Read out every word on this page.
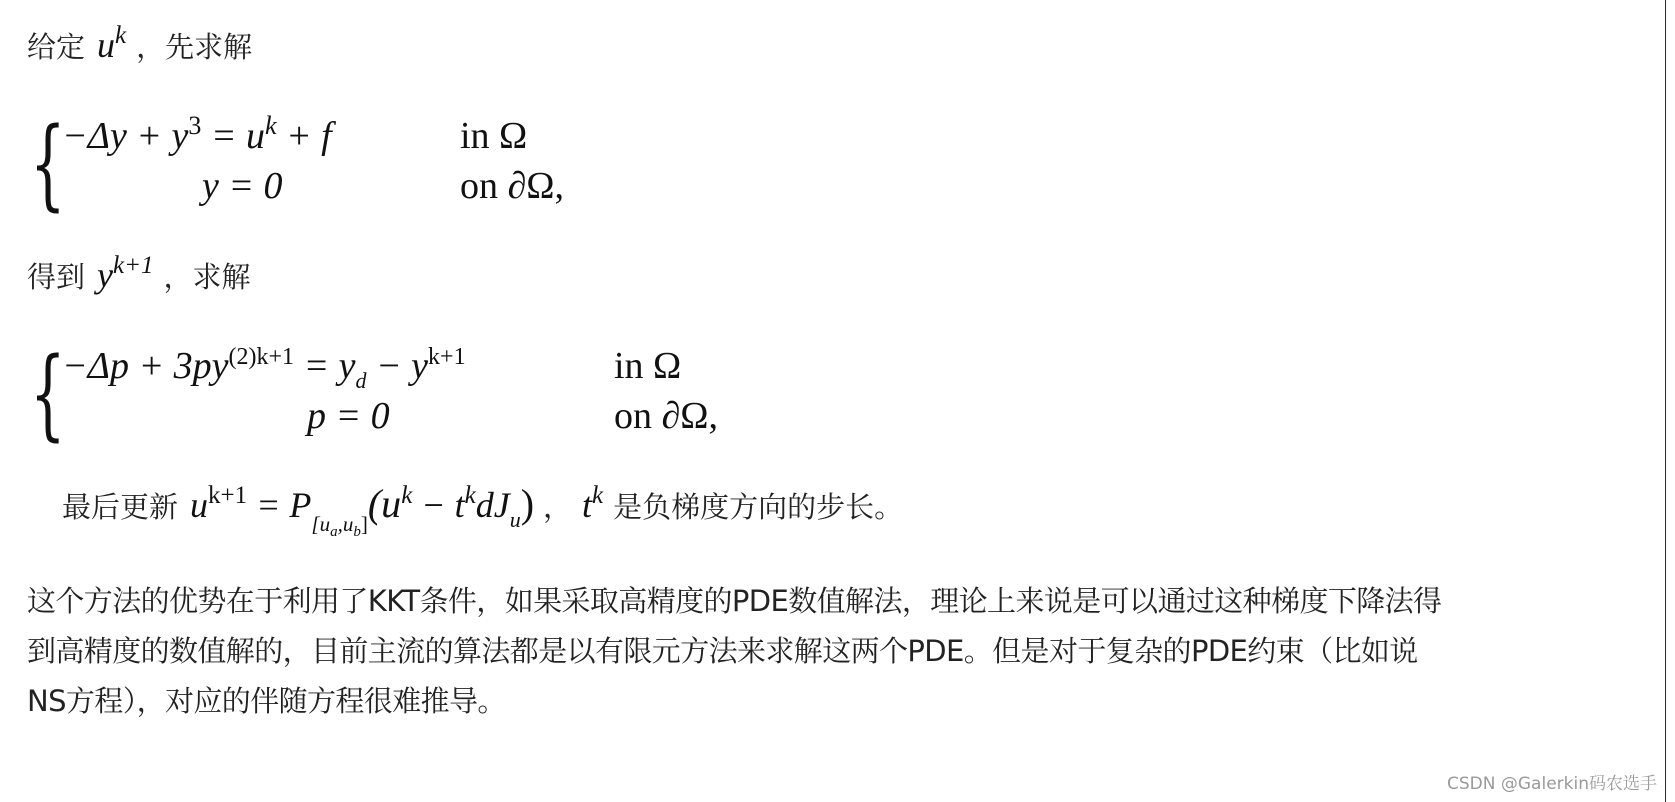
给定 $u^k$ ，先求解
{
$-\Delta y + y^3 = u^k + f$	in Ω
y = 0	on ∂Ω,
得到 $y^{k+1}$ ，求解
{
$-\Delta p + 3py^{(2)k+1} = y_d - y^{k+1}$	in Ω
p = 0	on ∂Ω,
最后更新 $u^{k+1} = P_{[u_a,u_b]}(u^k - t^kdJ_u)$ ， $t^k$ 是负梯度方向的步长。
这个方法的优势在于利用了KKT条件，如果采取高精度的PDE数值解法，理论上来说是可以通过这种梯度下降法得
到高精度的数值解的，目前主流的算法都是以有限元方法来求解这两个PDE。但是对于复杂的PDE约束（比如说
NS方程），对应的伴随方程很难推导。
CSDN @Galerkin码农选手
